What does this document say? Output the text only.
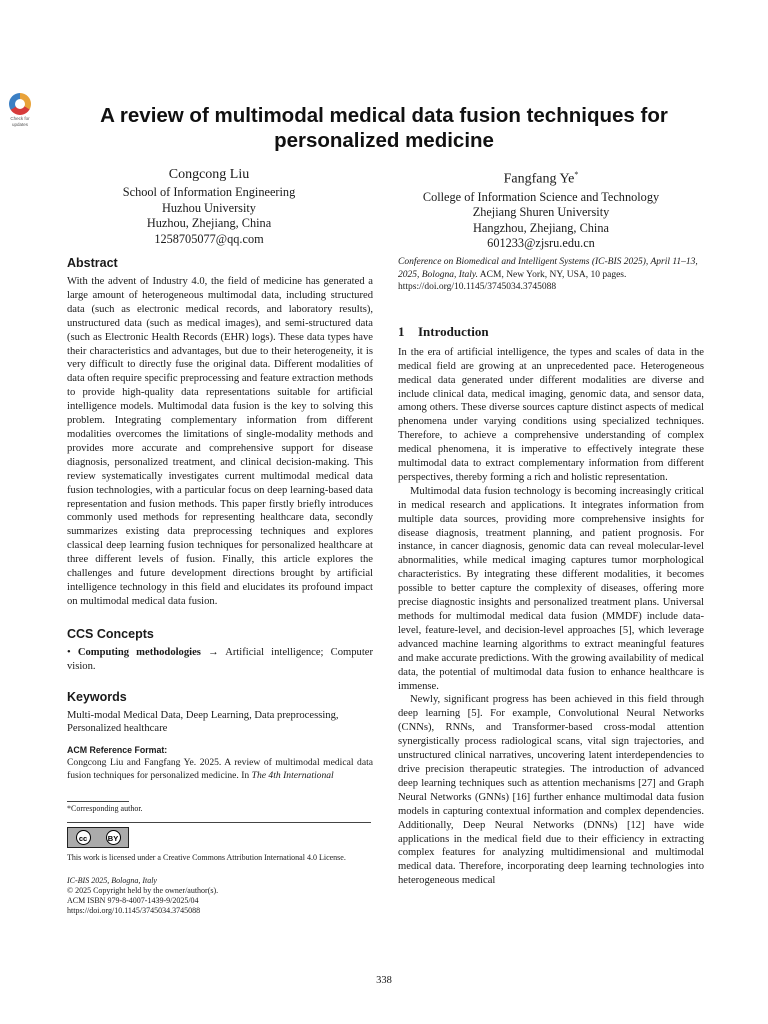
Check for
updates	A review of multimodal medical data fusion techniques for personalized medicine
Congcong Liu
School of Information Engineering
Huzhou University
Huzhou, Zhejiang, China
1258705077@qq.com
Fangfang Ye*
College of Information Science and Technology
Zhejiang Shuren University
Hangzhou, Zhejiang, China
601233@zjsru.edu.cn
Abstract

With the advent of Industry 4.0, the field of medicine has generated a large amount of heterogeneous multimodal data, including structured data (such as electronic medical records, and laboratory results), unstructured data (such as medical images), and semi-structured data (such as Electronic Health Records (EHR) logs). These data types have their characteristics and advantages, but due to their heterogeneity, it is very difficult to directly fuse the original data. Different modalities of data often require specific preprocessing and feature extraction methods to provide high-quality data representations suitable for artificial intelligence models. Multimodal data fusion is the key to solving this problem. Integrating complementary information from different modalities overcomes the limitations of single-modality methods and provides more accurate and comprehensive support for disease diagnosis, personalized treatment, and clinical decision-making. This review systematically investigates current multimodal medical data fusion technologies, with a particular focus on deep learning-based data representation and fusion methods. This paper firstly briefly introduces commonly used methods for representing healthcare data, secondly summarizes existing data preprocessing techniques and explores classical deep learning fusion techniques for personalized healthcare at three different levels of fusion. Finally, this article explores the challenges and future development directions brought by artificial intelligence technology in this field and elucidates its profound impact on multimodal medical data fusion.

CCS Concepts

• Computing methodologies → Artificial intelligence; Computer vision.

Keywords

Multi-modal Medical Data, Deep Learning, Data preprocessing, Personalized healthcare

ACM Reference Format:

Congcong Liu and Fangfang Ye. 2025. A review of multimodal medical data fusion techniques for personalized medicine. In The 4th International

*Corresponding author.
cc	BY
This work is licensed under a Creative Commons Attribution International 4.0 License.
IC-BIS 2025, Bologna, Italy
© 2025 Copyright held by the owner/author(s).
ACM ISBN 979-8-4007-1439-9/2025/04
https://doi.org/10.1145/3745034.3745088

Conference on Biomedical and Intelligent Systems (IC-BIS 2025), April 11–13, 2025, Bologna, Italy. ACM, New York, NY, USA, 10 pages. https://doi.org/10.1145/3745034.3745088

1 Introduction

In the era of artificial intelligence, the types and scales of data in the medical field are growing at an unprecedented pace. Heterogeneous medical data generated under different modalities are diverse and include clinical data, medical imaging, genomic data, and sensor data, among others. These diverse sources capture distinct aspects of medical phenomena under varying conditions using specialized techniques. Therefore, to achieve a comprehensive understanding of complex medical phenomena, it is imperative to effectively integrate these multimodal data to extract complementary information from different perspectives, thereby forming a rich and holistic representation.

Multimodal data fusion technology is becoming increasingly critical in medical research and applications. It integrates information from multiple data sources, providing more comprehensive insights for disease diagnosis, treatment planning, and patient prognosis. For instance, in cancer diagnosis, genomic data can reveal molecular-level abnormalities, while medical imaging captures tumor morphological characteristics. By integrating these different modalities, it becomes possible to better capture the complexity of diseases, offering more precise diagnostic insights and personalized treatment plans. Universal methods for multimodal medical data fusion (MMDF) include data-level, feature-level, and decision-level approaches [5], which leverage advanced machine learning algorithms to extract meaningful features and make accurate predictions. With the growing availability of medical data, the potential of multimodal data fusion to enhance healthcare is immense.

Newly, significant progress has been achieved in this field through deep learning [5]. For example, Convolutional Neural Networks (CNNs), RNNs, and Transformer-based cross-modal attention synergistically process radiological scans, vital sign trajectories, and unstructured clinical narratives, uncovering latent interdependencies to drive precision therapeutic strategies. The introduction of advanced deep learning techniques such as attention mechanisms [27] and Graph Neural Networks (GNNs) [16] further enhance multimodal data fusion models in capturing contextual information and complex dependencies. Additionally, Deep Neural Networks (DNNs) [12] have wide applications in the medical field due to their efficiency in extracting complex features for analyzing multidimensional and multimodal medical data. Therefore, incorporating deep learning technologies into heterogeneous medical

338
